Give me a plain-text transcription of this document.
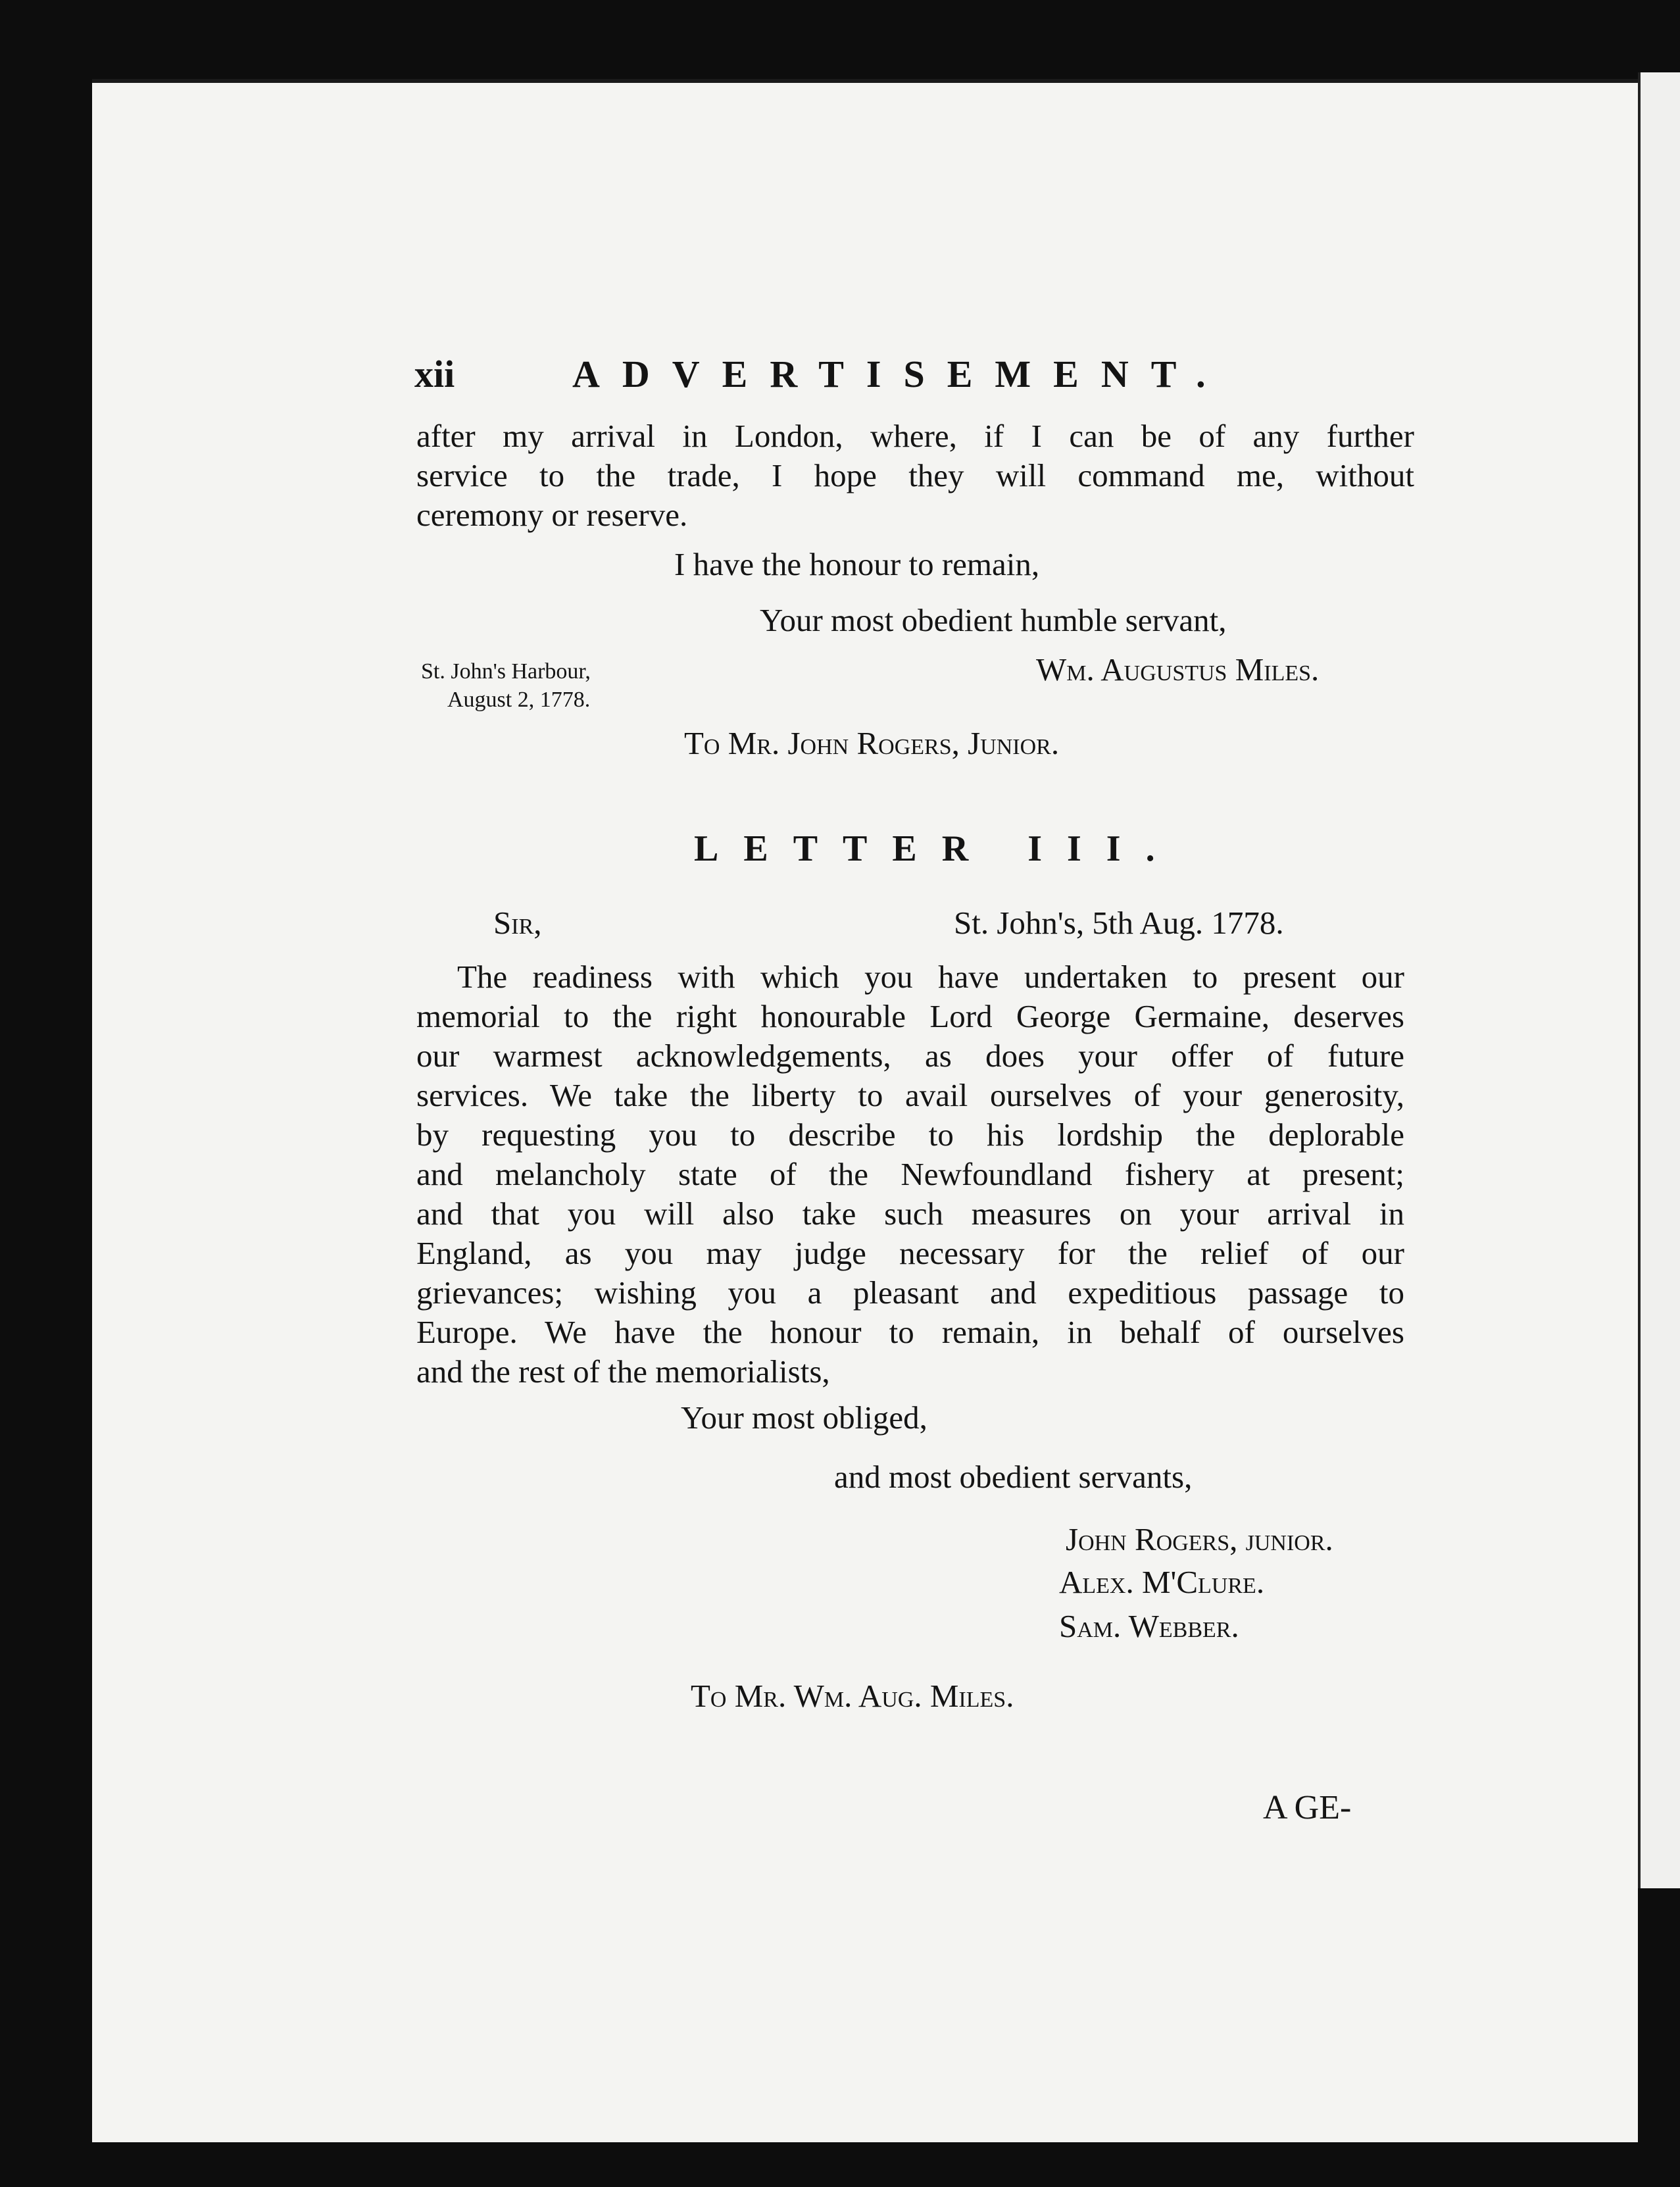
xii	ADVERTISEMENT.
after my arrival in London, where, if I can be of any further
service to the trade, I hope they will command me, without
ceremony or reserve.
I have the honour to remain,
Your most obedient humble servant,
St. John's Harbour,
August 2, 1778.
Wm. Augustus Miles.
To Mr. John Rogers, Junior.
LETTER III.
Sir,	St. John's, 5th Aug. 1778.
The readiness with which you have undertaken to present our
memorial to the right honourable Lord George Germaine, deserves
our warmest acknowledgements, as does your offer of future
services. We take the liberty to avail ourselves of your generosity,
by requesting you to describe to his lordship the deplorable
and melancholy state of the Newfoundland fishery at present;
and that you will also take such measures on your arrival in
England, as you may judge necessary for the relief of our
grievances; wishing you a pleasant and expeditious passage to
Europe. We have the honour to remain, in behalf of ourselves
and the rest of the memorialists,
Your most obliged,
and most obedient servants,
John Rogers, junior.
Alex. M'Clure.
Sam. Webber.
To Mr. Wm. Aug. Miles.
A GE-
